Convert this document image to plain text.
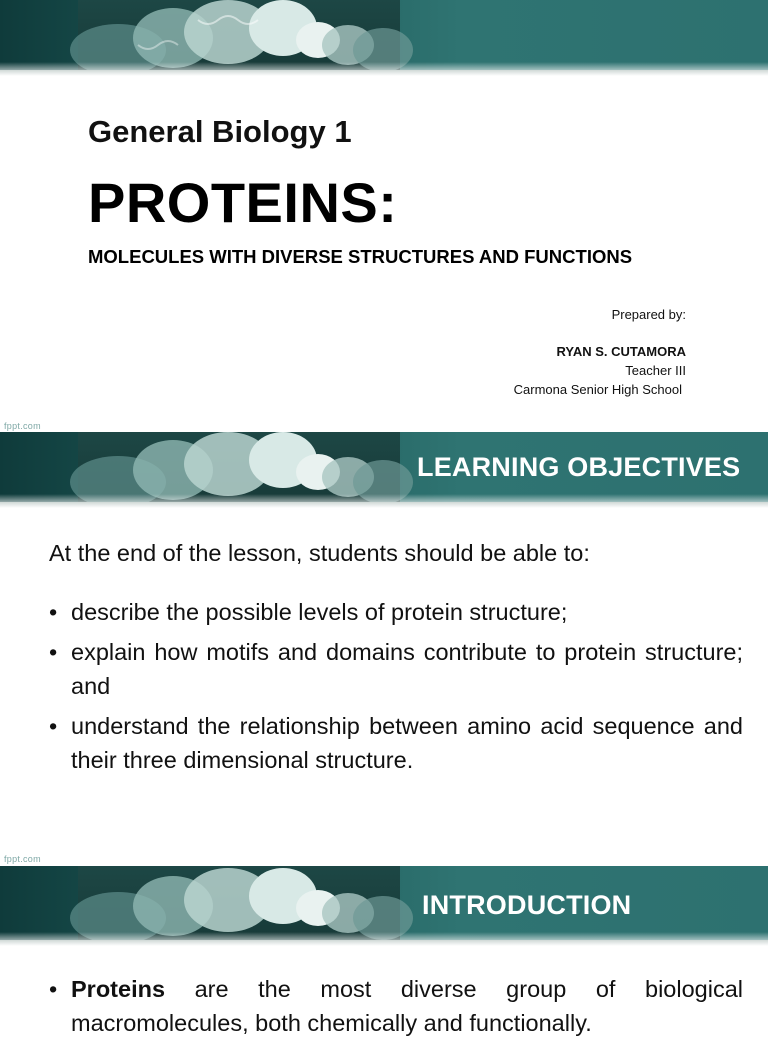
General Biology 1
PROTEINS:
MOLECULES WITH DIVERSE STRUCTURES AND FUNCTIONS
Prepared by:
RYAN S. CUTAMORA
Teacher III
Carmona Senior High School
fppt.com
LEARNING OBJECTIVES
At the end of the lesson, students should be able to:
• describe the possible levels of protein structure;
• explain how motifs and domains contribute to protein structure; and
• understand the relationship between amino acid sequence and their three dimensional structure.
fppt.com
INTRODUCTION
• Proteins are the most diverse group of biological macromolecules, both chemically and functionally.
